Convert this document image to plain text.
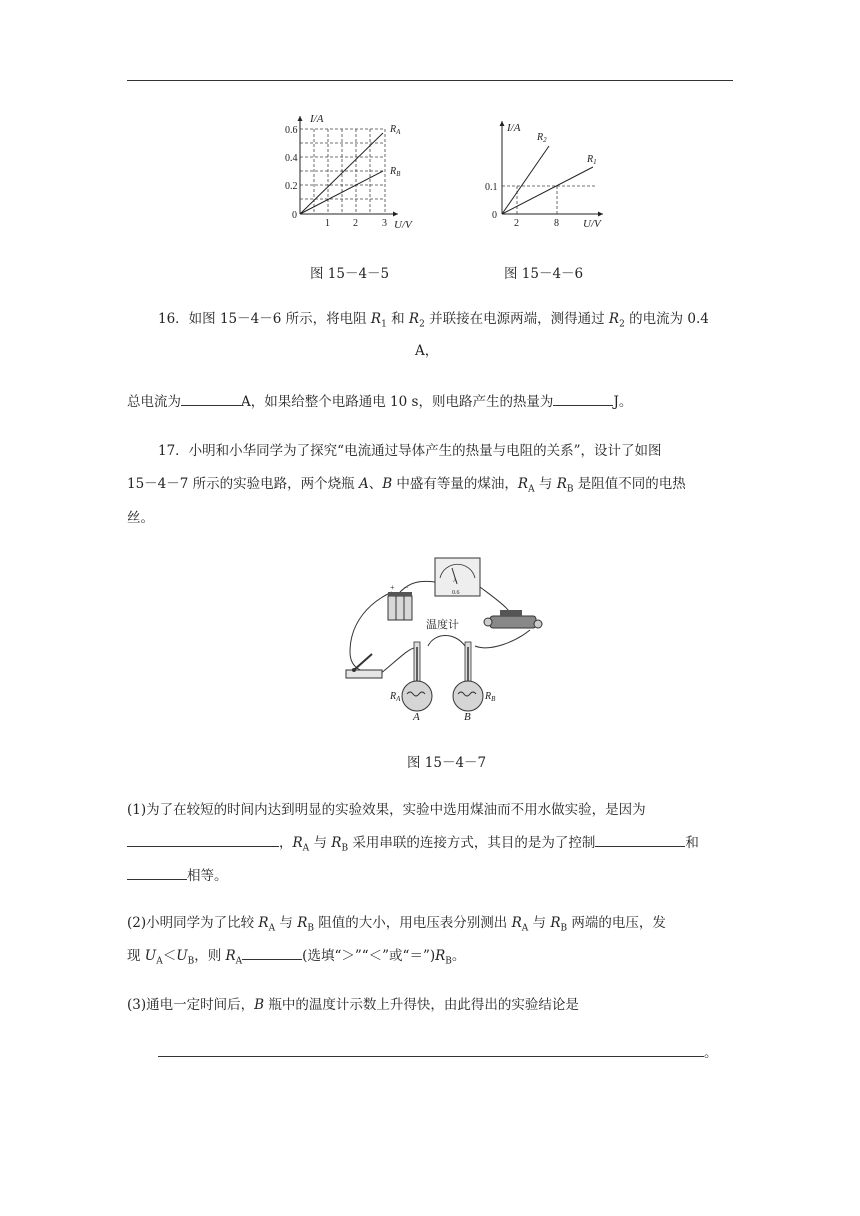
I/A
0.6
0.4
0.2
0
1 2 3 U/V
$R_A$
$R_B$
图 15－4－5
I/A
0.1
0
2	8 U/V
$R_2$
$R_1$
图 15－4－6
16．如图 15－4－6 所示，将电阻 $R_1$ 和 $R_2$ 并联接在电源两端，测得通过 $R_2$ 的电流为 0.4
A，
总电流为	A，如果给整个电路通电 10 s，则电路产生的热量为	J。
17．小明和小华同学为了探究“电流通过导体产生的热量与电阻的关系”，设计了如图
15－4－7 所示的实验电路，两个烧瓶 A、B 中盛有等量的煤油，$R_A$ 与 $R_B$ 是阻值不同的电热
丝。
+ −
A
0.6
温度计
$R_A$	$R_B$
A	B
图 15－4－7
(1)为了在较短的时间内达到明显的实验效果，实验中选用煤油而不用水做实验，是因为
，$R_A$ 与 $R_B$ 采用串联的连接方式，其目的是为了控制	和
相等。
(2)小明同学为了比较 $R_A$ 与 $R_B$ 阻值的大小，用电压表分别测出 $R_A$ 与 $R_B$ 两端的电压，发
现 $U_A<U_B$，则 $R_A$	(选填“＞”“＜”或“$=”)R_B$。
(3)通电一定时间后，B 瓶中的温度计示数上升得快，由此得出的实验结论是
。
